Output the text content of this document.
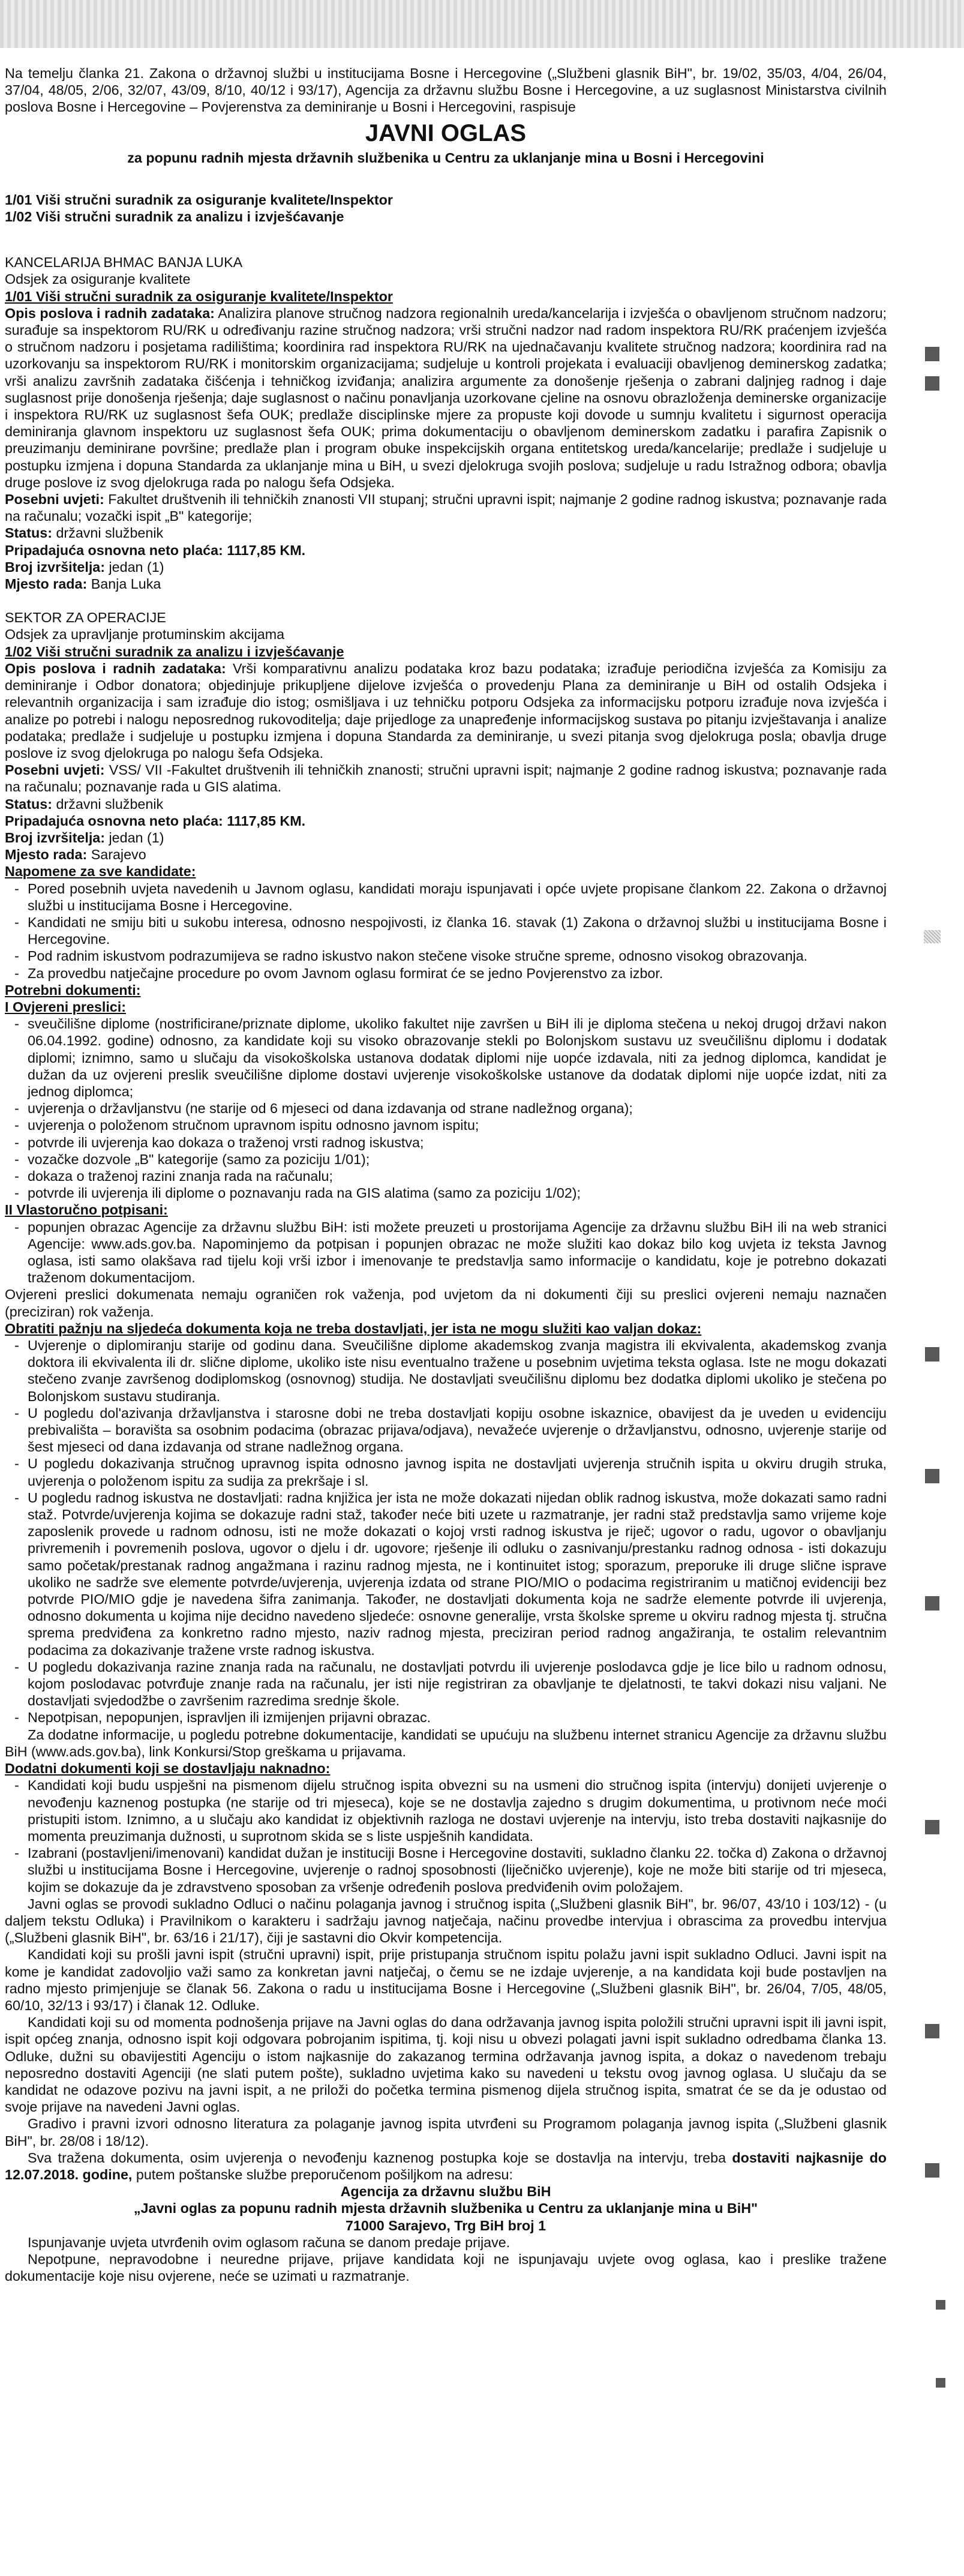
Na temelju članka 21. Zakona o državnoj službi u institucijama Bosne i Hercegovine („Službeni glasnik BiH", br. 19/02, 35/03, 4/04, 26/04, 37/04, 48/05, 2/06, 32/07, 43/09, 8/10, 40/12 i 93/17), Agencija za državnu službu Bosne i Hercegovine, a uz suglasnost Ministarstva civilnih poslova Bosne i Hercegovine – Povjerenstva za deminiranje u Bosni i Hercegovini, raspisuje

JAVNI OGLAS
za popunu radnih mjesta državnih službenika u Centru za uklanjanje mina u Bosni i Hercegovini

1/01 Viši stručni suradnik za osiguranje kvalitete/Inspektor

1/02 Viši stručni suradnik za analizu i izvješćavanje

KANCELARIJA BHMAC BANJA LUKA

Odsjek za osiguranje kvalitete

1/01 Viši stručni suradnik za osiguranje kvalitete/Inspektor

Opis poslova i radnih zadataka: Analizira planove stručnog nadzora regionalnih ureda/kancelarija i izvješća o obavljenom stručnom nadzoru; surađuje sa inspektorom RU/RK u određivanju razine stručnog nadzora; vrši stručni nadzor nad radom inspektora RU/RK praćenjem izvješća o stručnom nadzoru i posjetama radilištima; koordinira rad inspektora RU/RK na ujednačavanju kvalitete stručnog nadzora; koordinira rad na uzorkovanju sa inspektorom RU/RK i monitorskim organizacijama; sudjeluje u kontroli projekata i evaluaciji obavljenog deminerskog zadatka; vrši analizu završnih zadataka čišćenja i tehničkog izviđanja; analizira argumente za donošenje rješenja o zabrani daljnjeg radnog i daje suglasnost prije donošenja rješenja; daje suglasnost o načinu ponavljanja uzorkovane cjeline na osnovu obrazloženja deminerske organizacije i inspektora RU/RK uz suglasnost šefa OUK; predlaže disciplinske mjere za propuste koji dovode u sumnju kvalitetu i sigurnost operacija deminiranja glavnom inspektoru uz suglasnost šefa OUK; prima dokumentaciju o obavljenom deminerskom zadatku i parafira Zapisnik o preuzimanju deminirane površine; predlaže plan i program obuke inspekcijskih organa entitetskog ureda/kancelarije; predlaže i sudjeluje u postupku izmjena i dopuna Standarda za uklanjanje mina u BiH, u svezi djelokruga svojih poslova; sudjeluje u radu Istražnog odbora; obavlja druge poslove iz svog djelokruga rada po nalogu šefa Odsjeka.

Posebni uvjeti: Fakultet društvenih ili tehničkih znanosti VII stupanj; stručni upravni ispit; najmanje 2 godine radnog iskustva; poznavanje rada na računalu; vozački ispit „B" kategorije;

Status: državni službenik

Pripadajuća osnovna neto plaća: 1117,85 KM.

Broj izvršitelja: jedan (1)

Mjesto rada: Banja Luka

SEKTOR ZA OPERACIJE

Odsjek za upravljanje protuminskim akcijama

1/02 Viši stručni suradnik za analizu i izvješćavanje

Opis poslova i radnih zadataka: Vrši komparativnu analizu podataka kroz bazu podataka; izrađuje periodična izvješća za Komisiju za deminiranje i Odbor donatora; objedinjuje prikupljene dijelove izvješća o provedenju Plana za deminiranje u BiH od ostalih Odsjeka i relevantnih organizacija i sam izrađuje dio istog; osmišljava i uz tehničku potporu Odsjeka za informacijsku potporu izrađuje nova izvješća i analize po potrebi i nalogu neposrednog rukovoditelja; daje prijedloge za unapređenje informacijskog sustava po pitanju izvještavanja i analize podataka; predlaže i sudjeluje u postupku izmjena i dopuna Standarda za deminiranje, u svezi pitanja svog djelokruga posla; obavlja druge poslove iz svog djelokruga po nalogu šefa Odsjeka.

Posebni uvjeti: VSS/ VII -Fakultet društvenih ili tehničkih znanosti; stručni upravni ispit; najmanje 2 godine radnog iskustva; poznavanje rada na računalu; poznavanje rada u GIS alatima.

Status: državni službenik

Pripadajuća osnovna neto plaća: 1117,85 KM.

Broj izvršitelja: jedan (1)

Mjesto rada: Sarajevo

Napomene za sve kandidate:

- Pored posebnih uvjeta navedenih u Javnom oglasu, kandidati moraju ispunjavati i opće uvjete propisane člankom 22. Zakona o državnoj službi u institucijama Bosne i Hercegovine.
- Kandidati ne smiju biti u sukobu interesa, odnosno nespojivosti, iz članka 16. stavak (1) Zakona o državnoj službi u institucijama Bosne i Hercegovine.
- Pod radnim iskustvom podrazumijeva se radno iskustvo nakon stečene visoke stručne spreme, odnosno visokog obrazovanja.
- Za provedbu natječajne procedure po ovom Javnom oglasu formirat će se jedno Povjerenstvo za izbor.

Potrebni dokumenti:

I Ovjereni preslici:

- sveučilišne diplome (nostrificirane/priznate diplome, ukoliko fakultet nije završen u BiH ili je diploma stečena u nekoj drugoj državi nakon 06.04.1992. godine) odnosno, za kandidate koji su visoko obrazovanje stekli po Bolonjskom sustavu uz sveučilišnu diplomu i dodatak diplomi; iznimno, samo u slučaju da visokoškolska ustanova dodatak diplomi nije uopće izdavala, niti za jednog diplomca, kandidat je dužan da uz ovjereni preslik sveučilišne diplome dostavi uvjerenje visokoškolske ustanove da dodatak diplomi nije uopće izdat, niti za jednog diplomca;
- uvjerenja o državljanstvu (ne starije od 6 mjeseci od dana izdavanja od strane nadležnog organa);
- uvjerenja o položenom stručnom upravnom ispitu odnosno javnom ispitu;
- potvrde ili uvjerenja kao dokaza o traženoj vrsti radnog iskustva;
- vozačke dozvole „B" kategorije (samo za poziciju 1/01);
- dokaza o traženoj razini znanja rada na računalu;
- potvrde ili uvjerenja ili diplome o poznavanju rada na GIS alatima (samo za poziciju 1/02);

II Vlastoručno potpisani:

- popunjen obrazac Agencije za državnu službu BiH: isti možete preuzeti u prostorijama Agencije za državnu službu BiH ili na web stranici Agencije: www.ads.gov.ba. Napominjemo da potpisan i popunjen obrazac ne može služiti kao dokaz bilo kog uvjeta iz teksta Javnog oglasa, isti samo olakšava rad tijelu koji vrši izbor i imenovanje te predstavlja samo informacije o kandidatu, koje je potrebno dokazati traženom dokumentacijom.

Ovjereni preslici dokumenata nemaju ograničen rok važenja, pod uvjetom da ni dokumenti čiji su preslici ovjereni nemaju naznačen (preciziran) rok važenja.

Obratiti pažnju na sljedeća dokumenta koja ne treba dostavljati, jer ista ne mogu služiti kao valjan dokaz:

- Uvjerenje o diplomiranju starije od godinu dana. Sveučilišne diplome akademskog zvanja magistra ili ekvivalenta, akademskog zvanja doktora ili ekvivalenta ili dr. slične diplome, ukoliko iste nisu eventualno tražene u posebnim uvjetima teksta oglasa. Iste ne mogu dokazati stečeno zvanje završenog dodiplomskog (osnovnog) studija. Ne dostavljati sveučilišnu diplomu bez dodatka diplomi ukoliko je stečena po Bolonjskom sustavu studiranja.
- U pogledu dol'azivanja državljanstva i starosne dobi ne treba dostavljati kopiju osobne iskaznice, obavijest da je uveden u evidenciju prebivališta – boravišta sa osobnim podacima (obrazac prijava/odjava), nevažeće uvjerenje o državljanstvu, odnosno, uvjerenje starije od šest mjeseci od dana izdavanja od strane nadležnog organa.
- U pogledu dokazivanja stručnog upravnog ispita odnosno javnog ispita ne dostavljati uvjerenja stručnih ispita u okviru drugih struka, uvjerenja o položenom ispitu za sudija za prekršaje i sl.
- U pogledu radnog iskustva ne dostavljati: radna knjižica jer ista ne može dokazati nijedan oblik radnog iskustva, može dokazati samo radni staž. Potvrde/uvjerenja kojima se dokazuje radni staž, također neće biti uzete u razmatranje, jer radni staž predstavlja samo vrijeme koje zaposlenik provede u radnom odnosu, isti ne može dokazati o kojoj vrsti radnog iskustva je riječ; ugovor o radu, ugovor o obavljanju privremenih i povremenih poslova, ugovor o djelu i dr. ugovore; rješenje ili odluku o zasnivanju/prestanku radnog odnosa - isti dokazuju samo početak/prestanak radnog angažmana i razinu radnog mjesta, ne i kontinuitet istog; sporazum, preporuke ili druge slične isprave ukoliko ne sadrže sve elemente potvrde/uvjerenja, uvjerenja izdata od strane PIO/MIO o podacima registriranim u matičnoj evidenciji bez potvrde PIO/MIO gdje je navedena šifra zanimanja. Također, ne dostavljati dokumenta koja ne sadrže elemente potvrde ili uvjerenja, odnosno dokumenta u kojima nije decidno navedeno sljedeće: osnovne generalije, vrsta školske spreme u okviru radnog mjesta tj. stručna sprema predviđena za konkretno radno mjesto, naziv radnog mjesta, preciziran period radnog angažiranja, te ostalim relevantnim podacima za dokazivanje tražene vrste radnog iskustva.
- U pogledu dokazivanja razine znanja rada na računalu, ne dostavljati potvrdu ili uvjerenje poslodavca gdje je lice bilo u radnom odnosu, kojom poslodavac potvrđuje znanje rada na računalu, jer isti nije registriran za obavljanje te djelatnosti, te takvi dokazi nisu valjani. Ne dostavljati svjedodžbe o završenim razredima srednje škole.
- Nepotpisan, nepopunjen, ispravljen ili izmijenjen prijavni obrazac.

Za dodatne informacije, u pogledu potrebne dokumentacije, kandidati se upućuju na službenu internet stranicu Agencije za državnu službu BiH (www.ads.gov.ba), link Konkursi/Stop greškama u prijavama.

Dodatni dokumenti koji se dostavljaju naknadno:

- Kandidati koji budu uspješni na pismenom dijelu stručnog ispita obvezni su na usmeni dio stručnog ispita (intervju) donijeti uvjerenje o nevođenju kaznenog postupka (ne starije od tri mjeseca), koje se ne dostavlja zajedno s drugim dokumentima, u protivnom neće moći pristupiti istom. Iznimno, a u slučaju ako kandidat iz objektivnih razloga ne dostavi uvjerenje na intervju, isto treba dostaviti najkasnije do momenta preuzimanja dužnosti, u suprotnom skida se s liste uspješnih kandidata.
- Izabrani (postavljeni/imenovani) kandidat dužan je instituciji Bosne i Hercegovine dostaviti, sukladno članku 22. točka d) Zakona o državnoj službi u institucijama Bosne i Hercegovine, uvjerenje o radnoj sposobnosti (liječničko uvjerenje), koje ne može biti starije od tri mjeseca, kojim se dokazuje da je zdravstveno sposoban za vršenje određenih poslova predviđenih ovim položajem.

Javni oglas se provodi sukladno Odluci o načinu polaganja javnog i stručnog ispita („Službeni glasnik BiH", br. 96/07, 43/10 i 103/12) - (u daljem tekstu Odluka) i Pravilnikom o karakteru i sadržaju javnog natječaja, načinu provedbe intervjua i obrascima za provedbu intervjua („Službeni glasnik BiH", br. 63/16 i 21/17), čiji je sastavni dio Okvir kompetencija.

Kandidati koji su prošli javni ispit (stručni upravni) ispit, prije pristupanja stručnom ispitu polažu javni ispit sukladno Odluci. Javni ispit na kome je kandidat zadovoljio važi samo za konkretan javni natječaj, o čemu se ne izdaje uvjerenje, a na kandidata koji bude postavljen na radno mjesto primjenjuje se članak 56. Zakona o radu u institucijama Bosne i Hercegovine („Službeni glasnik BiH", br. 26/04, 7/05, 48/05, 60/10, 32/13 i 93/17) i članak 12. Odluke.

Kandidati koji su od momenta podnošenja prijave na Javni oglas do dana održavanja javnog ispita položili stručni upravni ispit ili javni ispit, ispit općeg znanja, odnosno ispit koji odgovara pobrojanim ispitima, tj. koji nisu u obvezi polagati javni ispit sukladno odredbama članka 13. Odluke, dužni su obavijestiti Agenciju o istom najkasnije do zakazanog termina održavanja javnog ispita, a dokaz o navedenom trebaju neposredno dostaviti Agenciji (ne slati putem pošte), sukladno uvjetima kako su navedeni u tekstu ovog javnog oglasa. U slučaju da se kandidat ne odazove pozivu na javni ispit, a ne priloži do početka termina pismenog dijela stručnog ispita, smatrat će se da je odustao od svoje prijave na navedeni Javni oglas.

Gradivo i pravni izvori odnosno literatura za polaganje javnog ispita utvrđeni su Programom polaganja javnog ispita („Službeni glasnik BiH", br. 28/08 i 18/12).

Sva tražena dokumenta, osim uvjerenja o nevođenju kaznenog postupka koje se dostavlja na intervju, treba dostaviti najkasnije do 12.07.2018. godine, putem poštanske službe preporučenom pošiljkom na adresu:

Agencija za državnu službu BiH

„Javni oglas za popunu radnih mjesta državnih službenika u Centru za uklanjanje mina u BiH"

71000 Sarajevo, Trg BiH broj 1

Ispunjavanje uvjeta utvrđenih ovim oglasom računa se danom predaje prijave.

Nepotpune, nepravodobne i neuredne prijave, prijave kandidata koji ne ispunjavaju uvjete ovog oglasa, kao i preslike tražene dokumentacije koje nisu ovjerene, neće se uzimati u razmatranje.
